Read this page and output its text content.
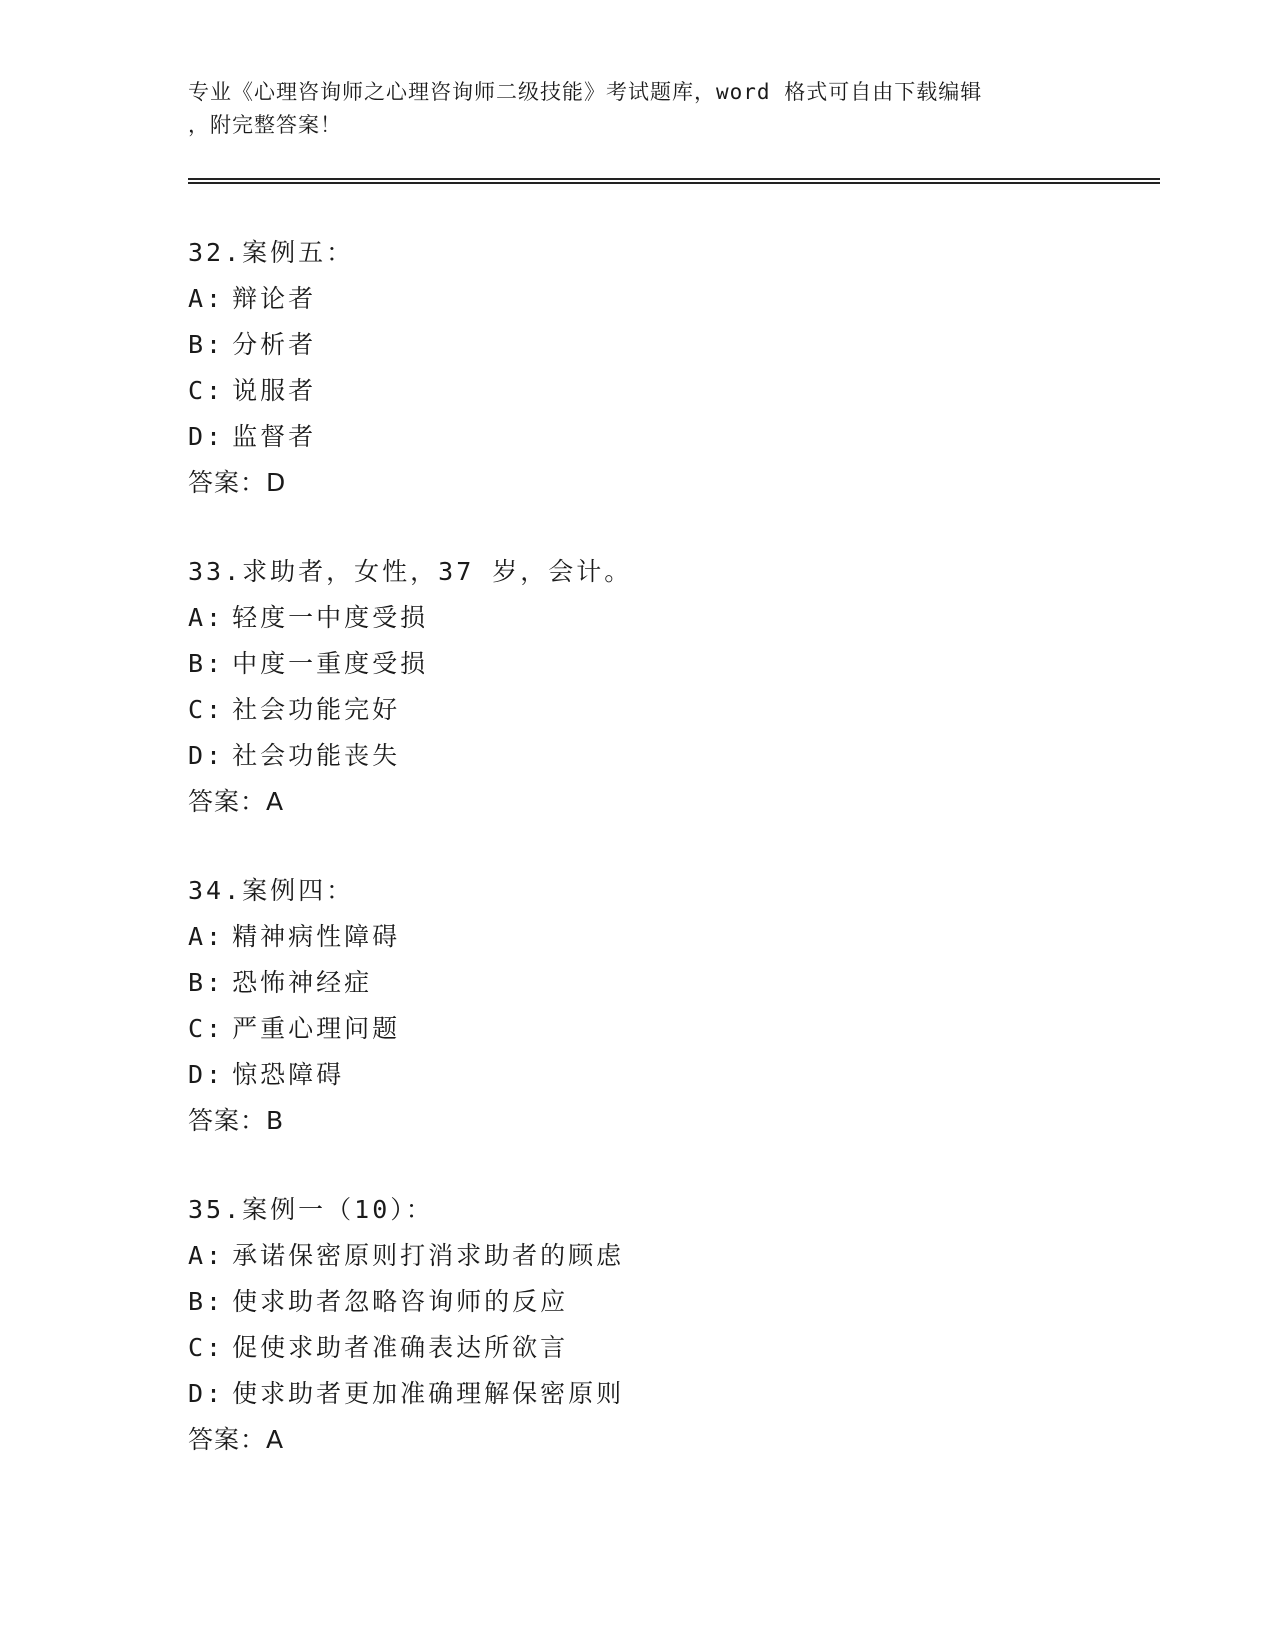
专业《心理咨询师之心理咨询师二级技能》考试题库，word 格式可自由下载编辑
，附完整答案！
32.案例五：
A: 辩论者
B: 分析者
C: 说服者
D: 监督者
答案：D
33.求助者，女性，37 岁，会计。
A: 轻度一中度受损
B: 中度一重度受损
C: 社会功能完好
D: 社会功能丧失
答案：A
34.案例四：
A: 精神病性障碍
B: 恐怖神经症
C: 严重心理问题
D: 惊恐障碍
答案：B
35.案例一（10）：
A: 承诺保密原则打消求助者的顾虑
B: 使求助者忽略咨询师的反应
C: 促使求助者准确表达所欲言
D: 使求助者更加准确理解保密原则
答案：A
